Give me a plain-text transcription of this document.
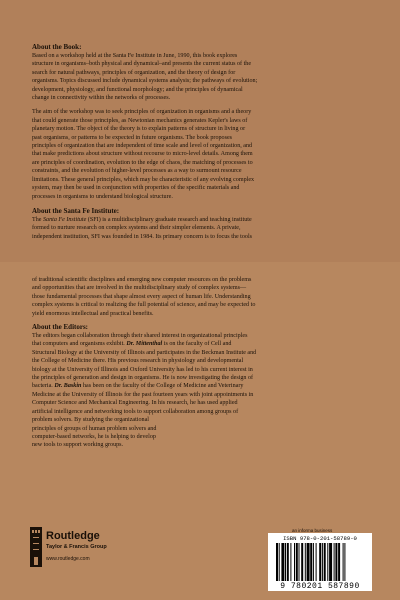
About the Book:
Based on a workshop held at the Santa Fe Institute in June, 1990, this book explores
structure in organisms–both physical and dynamical–and presents the current status of the
search for natural pathways, principles of organization, and the theory of design for
organisms. Topics discussed include dynamical systems analysis; the pathways of evolution;
development, physiology, and functional morphology; and the principles of dynamical
change in connectivity within the networks of processes.
The aim of the workshop was to seek principles of organization in organisms and a theory
that could generate those principles, as Newtonian mechanics generates Kepler's laws of
planetary motion. The object of the theory is to explain patterns of structure in living or
past organisms, or patterns to be expected in future organisms. The book proposes
principles of organization that are independent of time scale and level of organization, and
that make predictions about structure without recourse to micro-level details. Among them
are principles of coordination, evolution to the edge of chaos, the matching of processes to
constraints, and the evolution of higher-level processes as a way to surmount resource
limitations. These general principles, which may be characteristic of any evolving complex
system, may then be used in conjunction with properties of the specific materials and
processes in organisms to understand biological structure.
About the Santa Fe Institute:
The Santa Fe Institute (SFI) is a multidisciplinary graduate research and teaching institute
formed to nurture research on complex systems and their simpler elements. A private,
independent institution, SFI was founded in 1984. Its primary concern is to focus the tools
of traditional scientific disciplines and emerging new computer resources on the problems
and opportunities that are involved in the multidisciplinary study of complex systems—
those fundamental processes that shape almost every aspect of human life. Understanding
complex systems is critical to realizing the full potential of science, and may be expected to
yield enormous intellectual and practical benefits.
About the Editors:
The editors began collaboration through their shared interest in organizational principles
that computers and organisms exhibit. Dr. Mittenthal is on the faculty of Cell and
Structural Biology at the University of Illinois and participates in the Beckman Institute and
the College of Medicine there. His previous research in physiology and developmental
biology at the University of Illinois and Oxford University has led to his current interest in
the principles of generation and design in organisms. He is now investigating the design of
bacteria. Dr. Baskin has been on the faculty of the College of Medicine and Veterinary
Medicine at the University of Illinois for the past fourteen years with joint appointments in
Computer Science and Mechanical Engineering. In his research, he has used applied
artificial intelligence and networking tools to support collaboration among groups of
problem solvers. By studying the organizational
principles of groups of human problem solvers and
computer-based networks, he is helping to develop
new tools to support working groups.
Routledge
Taylor & Francis Group
www.routledge.com
an informa business
ISBN 978-0-201-58789-0
9 780201 587890
